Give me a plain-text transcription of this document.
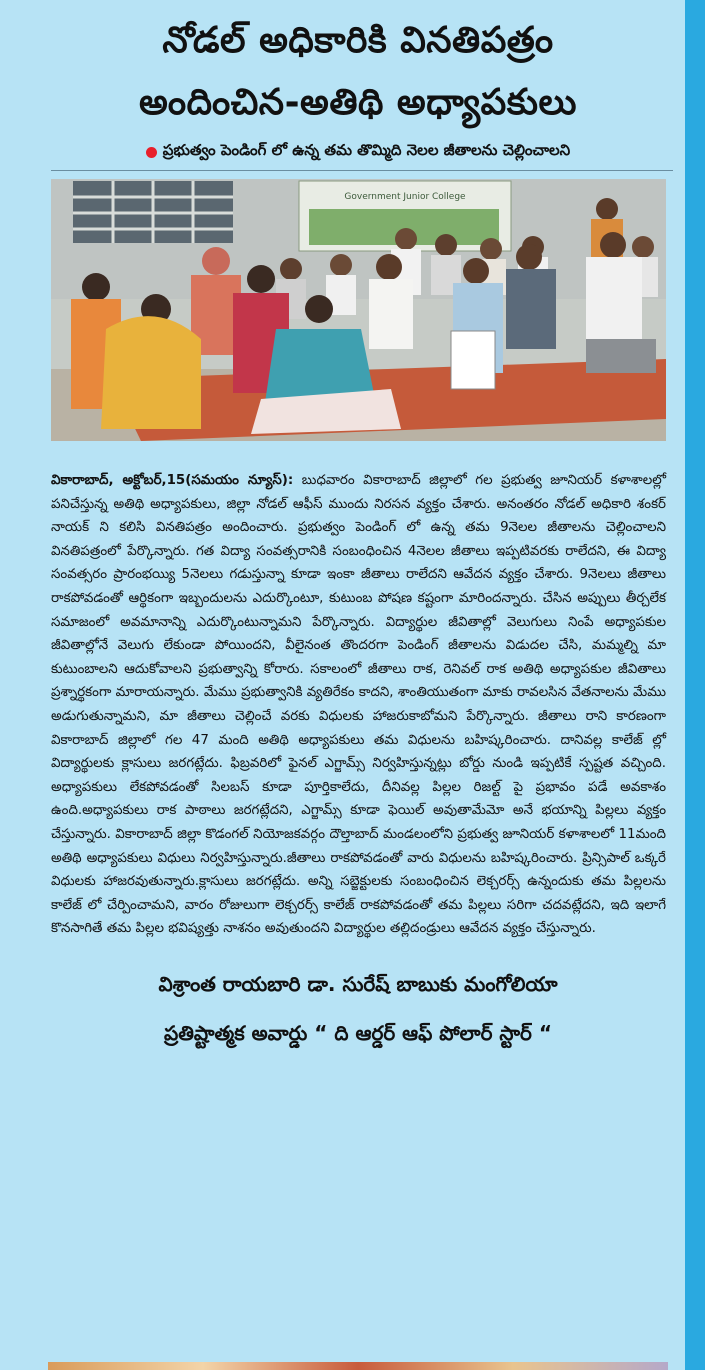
నోడల్ అధికారికి వినతిపత్రం
అందించిన-అతిథి అధ్యాపకులు
ప్రభుత్వం పెండింగ్ లో ఉన్న తమ తొమ్మిది నెలల జీతాలను చెల్లించాలని
Government Junior College
వికారాబాద్, అక్టోబర్,15(సమయం న్యూస్): బుధవారం వికారాబాద్ జిల్లాలో గల ప్రభుత్వ జూనియర్ కళాశాలల్లో పనిచేస్తున్న అతిథి అధ్యాపకులు, జిల్లా నోడల్ ఆఫీస్ ముందు నిరసన వ్యక్తం చేశారు. అనంతరం నోడల్ అధికారి శంకర్ నాయక్ ని కలిసి వినతిపత్రం అందించారు. ప్రభుత్వం పెండింగ్ లో ఉన్న తమ 9నెలల జీతాలను చెల్లించాలని వినతిపత్రంలో పేర్కొన్నారు. గత విద్యా సంవత్సరానికి సంబంధించిన 4నెలల జీతాలు ఇప్పటివరకు రాలేదని, ఈ విద్యా సంవత్సరం ప్రారంభయ్యి 5నెలలు గడుస్తున్నా కూడా ఇంకా జీతాలు రాలేదని ఆవేదన వ్యక్తం చేశారు. 9నెలలు జీతాలు రాకపోవడంతో ఆర్థికంగా ఇబ్బందులను ఎదుర్కొంటూ, కుటుంబ పోషణ కష్టంగా మారిందన్నారు. చేసిన అప్పులు తీర్చలేక సమాజంలో అవమానాన్ని ఎదుర్కొంటున్నామని పేర్కొన్నారు. విద్యార్థుల జీవితాల్లో వెలుగులు నింపే అధ్యాపకుల జీవితాల్లోనే వెలుగు లేకుండా పోయిందని, వీలైనంత తొందరగా పెండింగ్ జీతాలను విడుదల చేసి, మమ్మల్ని మా కుటుంబాలని ఆదుకోవాలని ప్రభుత్వాన్ని కోరారు. సకాలంలో జీతాలు రాక, రెనివల్ రాక అతిథి అధ్యాపకుల జీవితాలు ప్రశ్నార్థకంగా మారాయన్నారు. మేము ప్రభుత్వానికి వ్యతిరేకం కాదని, శాంతియుతంగా మాకు రావలసిన వేతనాలను మేము అడుగుతున్నామని, మా జీతాలు చెల్లించే వరకు విధులకు హాజరుకాబోమని పేర్కొన్నారు. జీతాలు రాని కారణంగా వికారాబాద్ జిల్లాలో గల 47 మంది అతిథి అధ్యాపకులు తమ విధులను బహిష్కరించారు. దానివల్ల కాలేజ్ ల్లో విద్యార్థులకు క్లాసులు జరగట్లేదు. ఫిబ్రవరిలో ఫైనల్ ఎగ్జామ్స్ నిర్వహిస్తున్నట్లు బోర్డు నుండి ఇప్పటికే స్పష్టత వచ్చింది. అధ్యాపకులు లేకపోవడంతో సిలబస్ కూడా పూర్తికాలేదు, దీనివల్ల పిల్లల రిజల్ట్ పై ప్రభావం పడే అవకాశం ఉంది.అధ్యాపకులు రాక పాఠాలు జరగట్లేదని, ఎగ్జామ్స్ కూడా ఫెయిల్ అవుతామేమో అనే భయాన్ని పిల్లలు వ్యక్తం చేస్తున్నారు. వికారాబాద్ జిల్లా కొడంగల్ నియోజకవర్గం దౌల్తాబాద్ మండలంలోని ప్రభుత్వ జూనియర్ కళాశాలలో 11మంది అతిథి అధ్యాపకులు విధులు నిర్వహిస్తున్నారు.జీతాలు రాకపోవడంతో వారు విధులను బహిష్కరించారు. ప్రిన్సిపాల్ ఒక్కరే విధులకు హాజరవుతున్నారు.క్లాసులు జరగట్లేదు. అన్ని సబ్జెక్టులకు సంబంధించిన లెక్చరర్స్ ఉన్నందుకు తమ పిల్లలను కాలేజ్ లో చేర్పించామని, వారం రోజులుగా లెక్చరర్స్ కాలేజ్ రాకపోవడంతో తమ పిల్లలు సరిగా చదవట్లేదని, ఇది ఇలాగే కొనసాగితే తమ పిల్లల భవిష్యత్తు నాశనం అవుతుందని విద్యార్థుల తల్లిదండ్రులు ఆవేదన వ్యక్తం చేస్తున్నారు.
విశ్రాంత రాయబారి డా. సురేష్ బాబుకు మంగోలియా
ప్రతిష్టాత్మక అవార్డు “ ది ఆర్డర్ ఆఫ్ పోలార్ స్టార్ “
